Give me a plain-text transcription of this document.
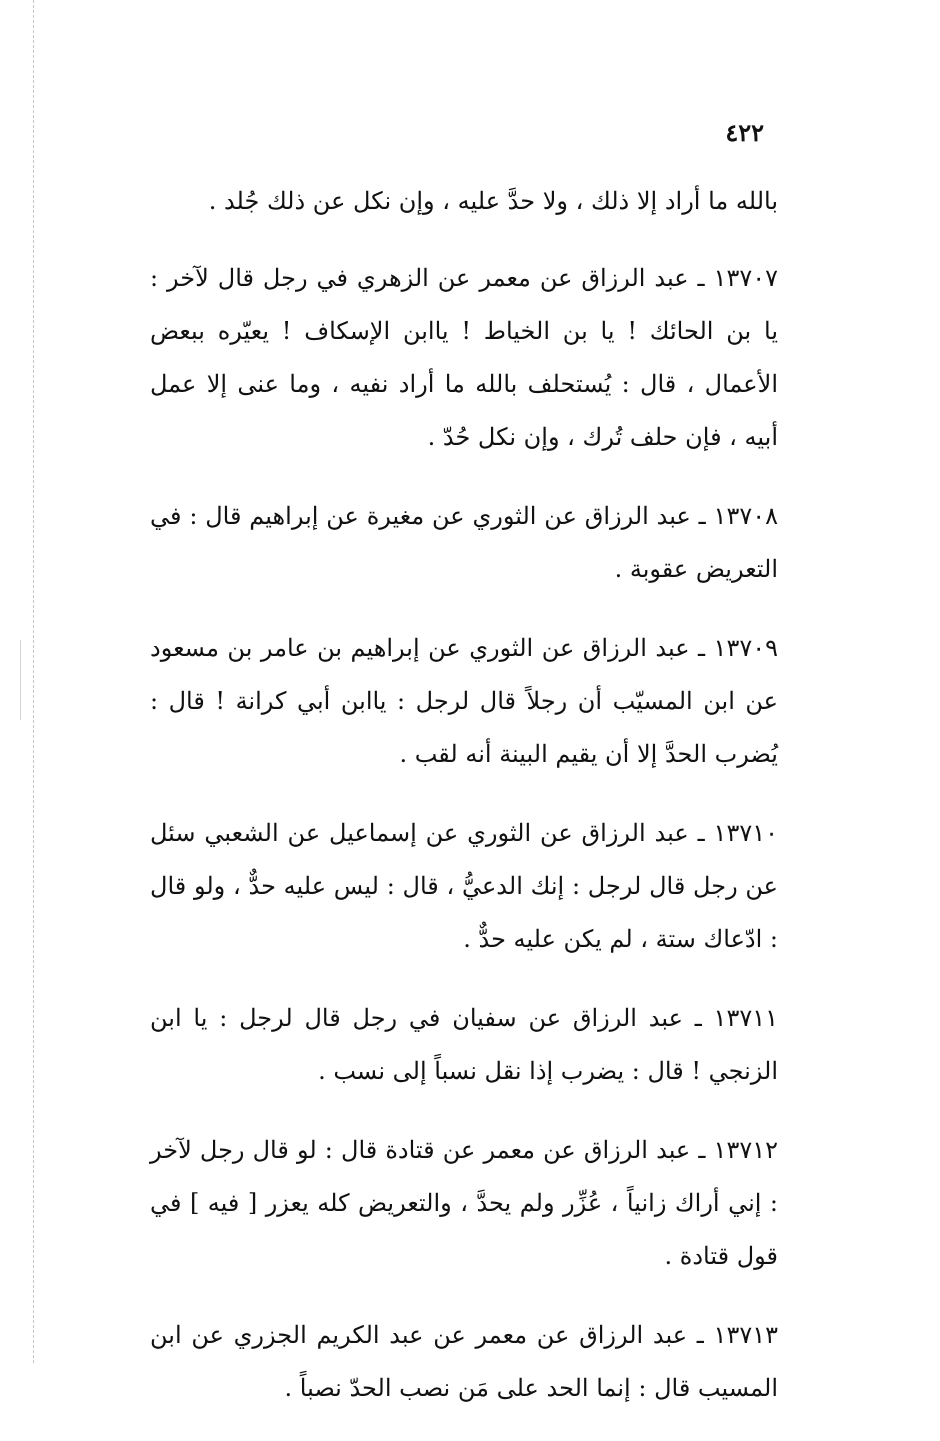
٤٢٢

بالله ما أراد إلا ذلك ، ولا حدَّ عليه ، وإن نكل عن ذلك جُلد .

١٣٧٠٧ ـ عبد الرزاق عن معمر عن الزهري في رجل قال لآخر : يا بن الحائك ! يا بن الخياط ! ياابن الإسكاف ! يعيّره ببعض الأعمال ، قال : يُستحلف بالله ما أراد نفيه ، وما عنى إلا عمل أبيه ، فإن حلف تُرك ، وإن نكل حُدّ .

١٣٧٠٨ ـ عبد الرزاق عن الثوري عن مغيرة عن إبراهيم قال : في التعريض عقوبة .

١٣٧٠٩ ـ عبد الرزاق عن الثوري عن إبراهيم بن عامر بن مسعود عن ابن المسيّب أن رجلاً قال لرجل : ياابن أبي كرانة ! قال : يُضرب الحدَّ إلا أن يقيم البينة أنه لقب .

١٣٧١٠ ـ عبد الرزاق عن الثوري عن إسماعيل عن الشعبي سئل عن رجل قال لرجل : إنك الدعيُّ ، قال : ليس عليه حدٌّ ، ولو قال : ادّعاك ستة ، لم يكن عليه حدٌّ .

١٣٧١١ ـ عبد الرزاق عن سفيان في رجل قال لرجل : يا ابن الزنجي ! قال : يضرب إذا نقل نسباً إلى نسب .

١٣٧١٢ ـ عبد الرزاق عن معمر عن قتادة قال : لو قال رجل لآخر : إني أراك زانياً ، عُزِّر ولم يحدَّ ، والتعريض كله يعزر [ فيه ] في قول قتادة .

١٣٧١٣ ـ عبد الرزاق عن معمر عن عبد الكريم الجزري عن ابن المسيب قال : إنما الحد على مَن نصب الحدّ نصباً .
